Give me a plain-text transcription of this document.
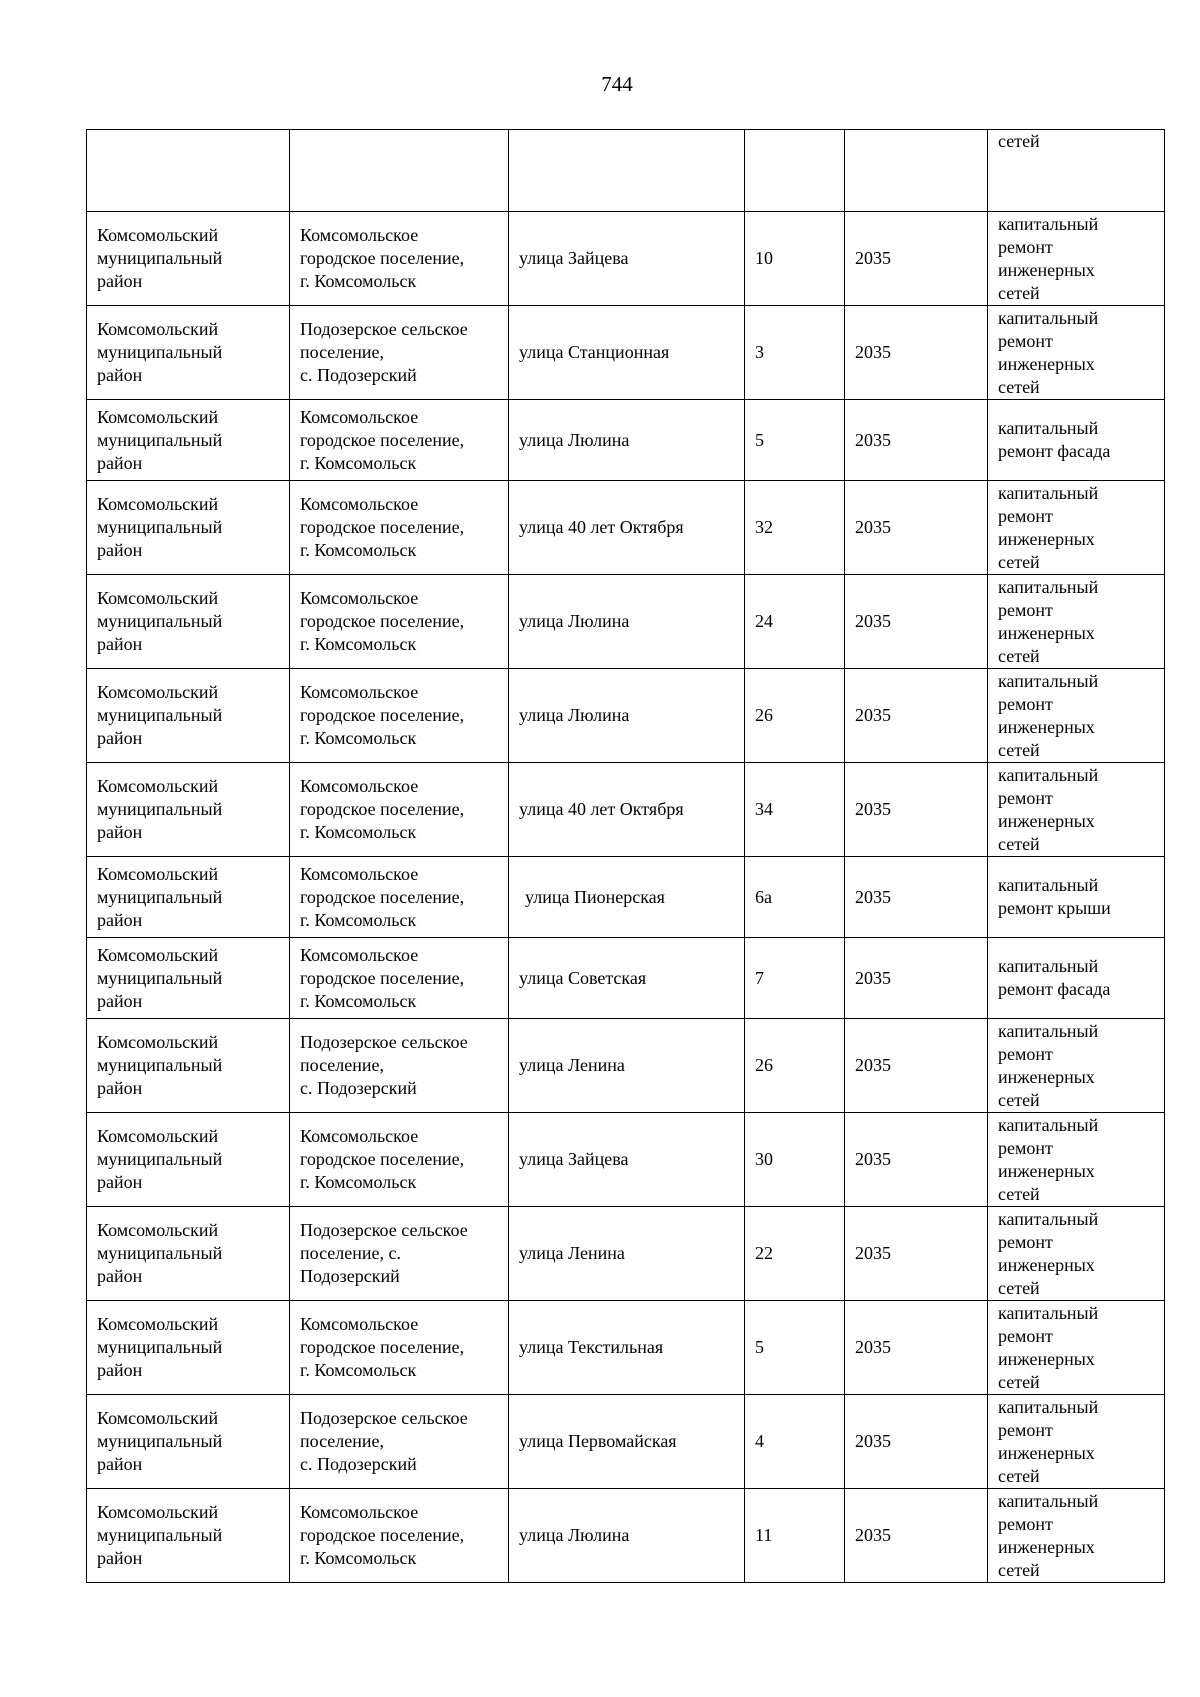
744
					сетей
Комсомольский
муниципальный
район	Комсомольское
городское поселение,
г. Комсомольск	улица Зайцева	10	2035	капитальный
ремонт
инженерных
сетей
Комсомольский
муниципальный
район	Подозерское сельское
поселение,
с. Подозерский	улица Станционная	3	2035	капитальный
ремонт
инженерных
сетей
Комсомольский
муниципальный
район	Комсомольское
городское поселение,
г. Комсомольск	улица Люлина	5	2035	капитальный
ремонт фасада
Комсомольский
муниципальный
район	Комсомольское
городское поселение,
г. Комсомольск	улица 40 лет Октября	32	2035	капитальный
ремонт
инженерных
сетей
Комсомольский
муниципальный
район	Комсомольское
городское поселение,
г. Комсомольск	улица Люлина	24	2035	капитальный
ремонт
инженерных
сетей
Комсомольский
муниципальный
район	Комсомольское
городское поселение,
г. Комсомольск	улица Люлина	26	2035	капитальный
ремонт
инженерных
сетей
Комсомольский
муниципальный
район	Комсомольское
городское поселение,
г. Комсомольск	улица 40 лет Октября	34	2035	капитальный
ремонт
инженерных
сетей
Комсомольский
муниципальный
район	Комсомольское
городское поселение,
г. Комсомольск	улица Пионерская	6а	2035	капитальный
ремонт крыши
Комсомольский
муниципальный
район	Комсомольское
городское поселение,
г. Комсомольск	улица Советская	7	2035	капитальный
ремонт фасада
Комсомольский
муниципальный
район	Подозерское сельское
поселение,
с. Подозерский	улица Ленина	26	2035	капитальный
ремонт
инженерных
сетей
Комсомольский
муниципальный
район	Комсомольское
городское поселение,
г. Комсомольск	улица Зайцева	30	2035	капитальный
ремонт
инженерных
сетей
Комсомольский
муниципальный
район	Подозерское сельское
поселение, с.
Подозерский	улица Ленина	22	2035	капитальный
ремонт
инженерных
сетей
Комсомольский
муниципальный
район	Комсомольское
городское поселение,
г. Комсомольск	улица Текстильная	5	2035	капитальный
ремонт
инженерных
сетей
Комсомольский
муниципальный
район	Подозерское сельское
поселение,
с. Подозерский	улица Первомайская	4	2035	капитальный
ремонт
инженерных
сетей
Комсомольский
муниципальный
район	Комсомольское
городское поселение,
г. Комсомольск	улица Люлина	11	2035	капитальный
ремонт
инженерных
сетей
